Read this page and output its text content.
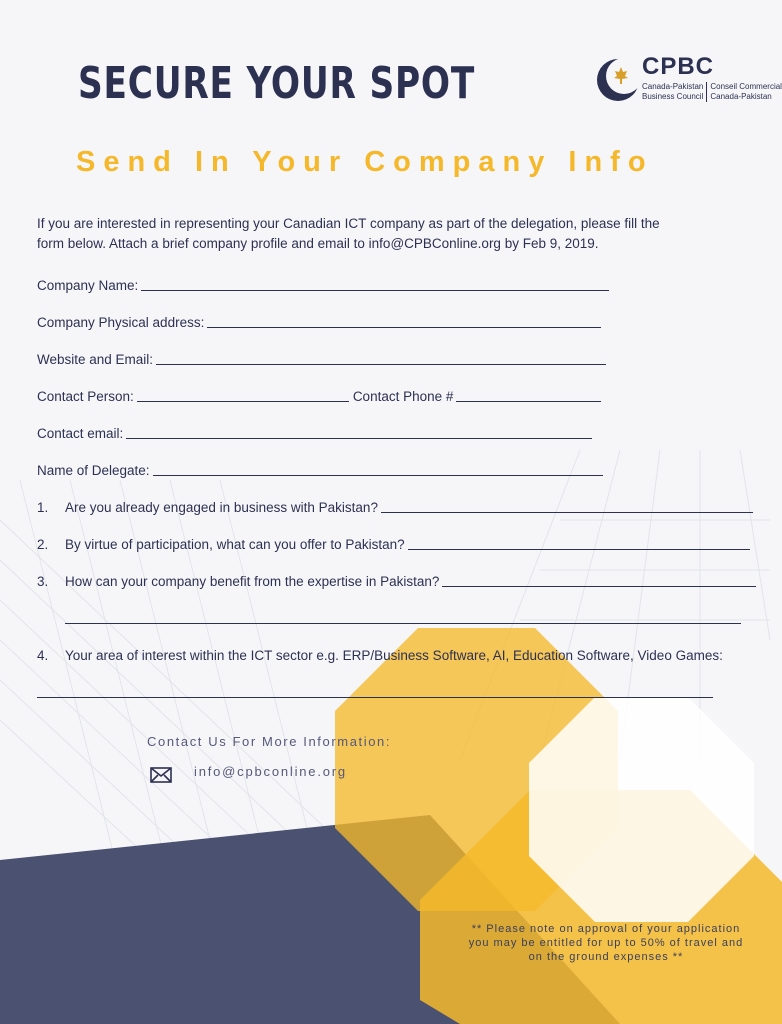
SECURE YOUR SPOT
Send In Your Company Info
CPBC
Canada-Pakistan
Business Council
Conseil Commercial
Canada-Pakistan

If you are interested in representing your Canadian ICT company as part of the delegation, please fill the form below. Attach a brief company profile and email to info@CPBConline.org by Feb 9, 2019.

Company Name:
Company Physical address:
Website and Email:
Contact Person:	Contact Phone #
Contact email:
Name of Delegate:
1.	Are you already engaged in business with Pakistan?
2.	By virtue of participation, what can you offer to Pakistan?
3.	How can your company benefit from the expertise in Pakistan?
4.	Your area of interest within the ICT sector e.g. ERP/Business Software, AI, Education Software, Video Games:
Contact Us For More Information:
info@cpbconline.org
** Please note on approval of your application you may be entitled for up to 50% of travel and on the ground expenses **
